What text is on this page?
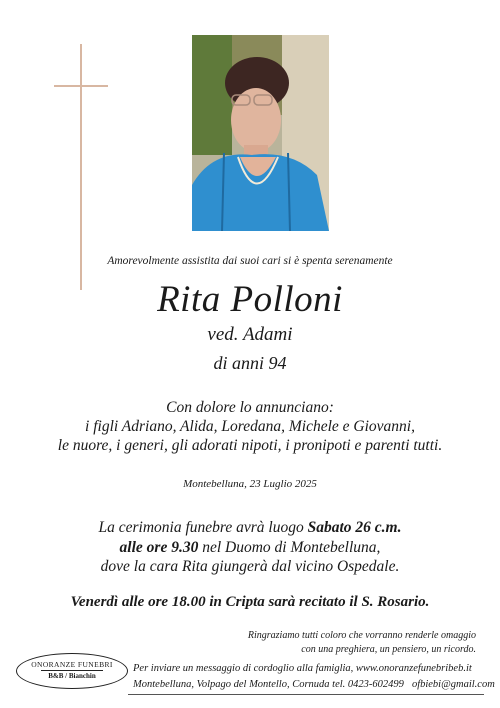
Amorevolmente assistita dai suoi cari si è spenta serenamente
Rita Polloni
ved. Adami
di anni 94
Con dolore lo annunciano:
i figli Adriano, Alida, Loredana, Michele e Giovanni,
le nuore, i generi, gli adorati nipoti, i pronipoti e parenti tutti.
Montebelluna, 23 Luglio 2025
La cerimonia funebre avrà luogo Sabato 26 c.m.
alle ore 9.30 nel Duomo di Montebelluna,
dove la cara Rita giungerà dal vicino Ospedale.
Venerdì alle ore 18.00 in Cripta sarà recitato il S. Rosario.
Ringraziamo tutti coloro che vorranno renderle omaggio
con una preghiera, un pensiero, un ricordo.
ONORANZE FUNEBRI
B&B / Bianchin
Per inviare un messaggio di cordoglio alla famiglia, www.onoranzefunebribeb.it
Montebelluna, Volpago del Montello, Cornuda tel. 0423-602499 ofbiebi@gmail.com
